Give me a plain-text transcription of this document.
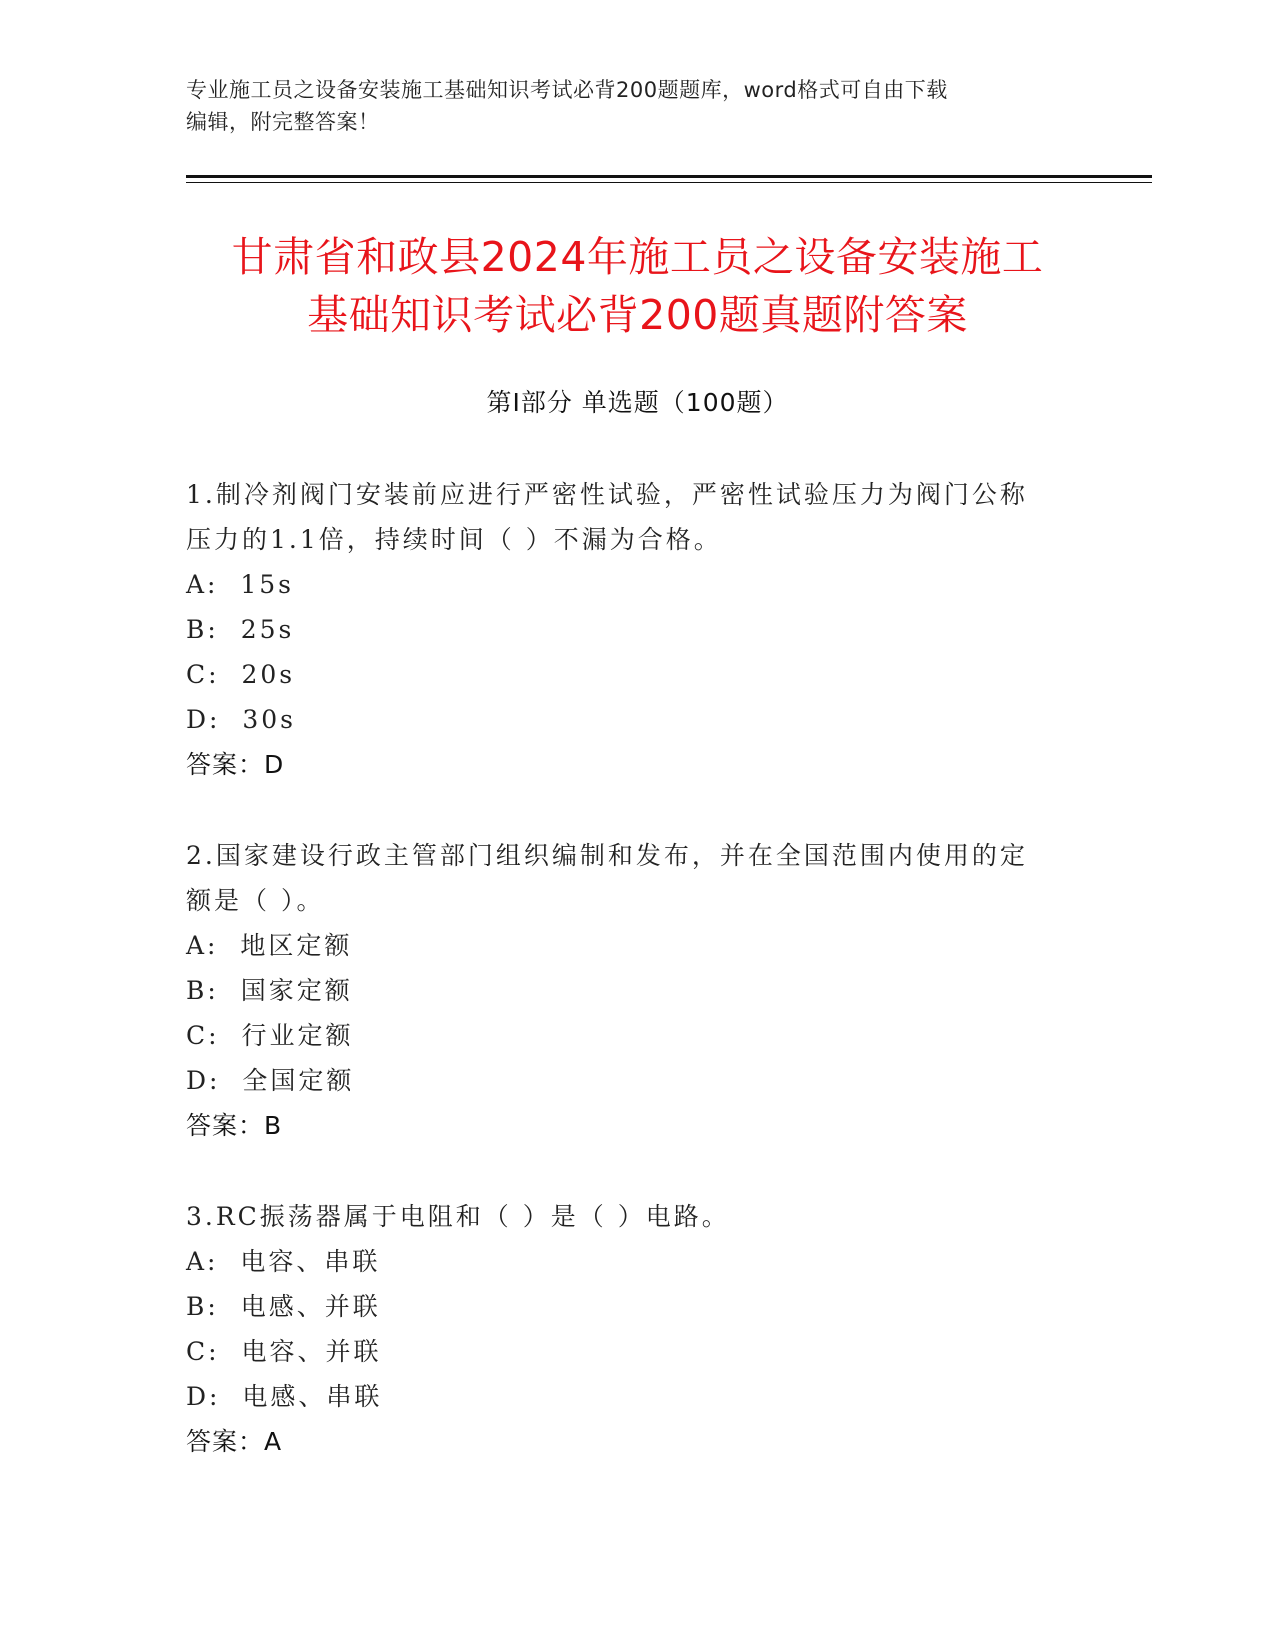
专业施工员之设备安装施工基础知识考试必背200题题库，word格式可自由下载
编辑，附完整答案！
甘肃省和政县2024年施工员之设备安装施工
基础知识考试必背200题真题附答案
第Ⅰ部分 单选题（100题）

1.制冷剂阀门安装前应进行严密性试验，严密性试验压力为阀门公称

压力的1.1倍，持续时间（ ）不漏为合格。

A:  15s

B:  25s

C:  20s

D:  30s

答案：D

2.国家建设行政主管部门组织编制和发布，并在全国范围内使用的定

额是（ ）。

A:  地区定额

B:  国家定额

C:  行业定额

D:  全国定额

答案：B

3.RC振荡器属于电阻和（ ）是（ ）电路。

A:  电容、串联

B:  电感、并联

C:  电容、并联

D:  电感、串联

答案：A
